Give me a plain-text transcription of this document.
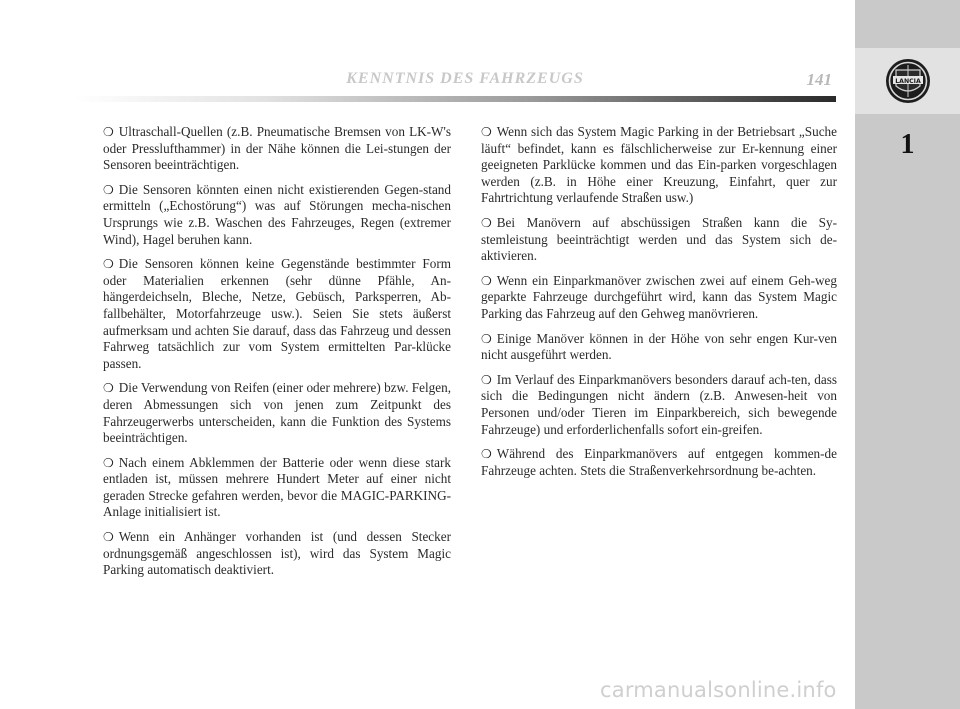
KENNTNIS DES FAHRZEUGS	141	LANCIA
1

❍ Ultraschall-Quellen (z.B. Pneumatische Bremsen von LK-W's oder Presslufthammer) in der Nähe können die Lei-stungen der Sensoren beeinträchtigen.

❍ Die Sensoren könnten einen nicht existierenden Gegen-stand ermitteln („Echostörung“) was auf Störungen mecha-nischen Ursprungs wie z.B. Waschen des Fahrzeuges, Regen (extremer Wind), Hagel beruhen kann.

❍ Die Sensoren können keine Gegenstände bestimmter Form oder Materialien erkennen (sehr dünne Pfähle, An-hängerdeichseln, Bleche, Netze, Gebüsch, Parksperren, Ab-fallbehälter, Motorfahrzeuge usw.). Seien Sie stets äußerst aufmerksam und achten Sie darauf, dass das Fahrzeug und dessen Fahrweg tatsächlich zur vom System ermittelten Par-klücke passen.

❍ Die Verwendung von Reifen (einer oder mehrere) bzw. Felgen, deren Abmessungen sich von jenen zum Zeitpunkt des Fahrzeugerwerbs unterscheiden, kann die Funktion des Systems beeinträchtigen.

❍ Nach einem Abklemmen der Batterie oder wenn diese stark entladen ist, müssen mehrere Hundert Meter auf einer nicht geraden Strecke gefahren werden, bevor die MAGIC-PARKING-Anlage initialisiert ist.

❍ Wenn ein Anhänger vorhanden ist (und dessen Stecker ordnungsgemäß angeschlossen ist), wird das System Magic Parking automatisch deaktiviert.

❍ Wenn sich das System Magic Parking in der Betriebsart „Suche läuft“ befindet, kann es fälschlicherweise zur Er-kennung einer geeigneten Parklücke kommen und das Ein-parken vorgeschlagen werden (z.B. in Höhe einer Kreuzung, Einfahrt, quer zur Fahrtrichtung verlaufende Straßen usw.)

❍ Bei Manövern auf abschüssigen Straßen kann die Sy-stemleistung beeinträchtigt werden und das System sich de-aktivieren.

❍ Wenn ein Einparkmanöver zwischen zwei auf einem Geh-weg geparkte Fahrzeuge durchgeführt wird, kann das System Magic Parking das Fahrzeug auf den Gehweg manövrieren.

❍ Einige Manöver können in der Höhe von sehr engen Kur-ven nicht ausgeführt werden.

❍ Im Verlauf des Einparkmanövers besonders darauf ach-ten, dass sich die Bedingungen nicht ändern (z.B. Anwesen-heit von Personen und/oder Tieren im Einparkbereich, sich bewegende Fahrzeuge) und erforderlichenfalls sofort ein-greifen.

❍ Während des Einparkmanövers auf entgegen kommen-de Fahrzeuge achten. Stets die Straßenverkehrsordnung be-achten.

carmanualsonline.info
